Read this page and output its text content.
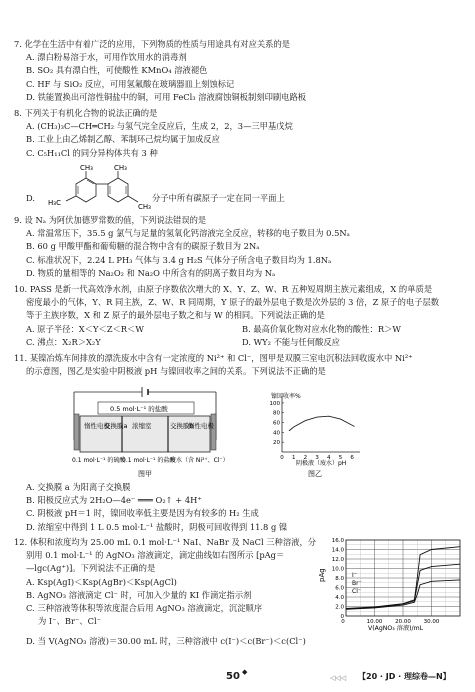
7. 化学在生活中有着广泛的应用，下列物质的性质与用途具有对应关系的是
A. 漂白粉易溶于水，可用作饮用水的消毒剂
B. SO₂ 具有漂白性，可使酸性 KMnO₄ 溶液褪色
C. HF 与 SiO₂ 反应，可用氢氟酸在玻璃器皿上刻蚀标记
D. 铁能置换出可溶性铜盐中的铜，可用 FeCl₃ 溶液腐蚀铜板制刻印刷电路板
8. 下列关于有机化合物的说法正确的是
A. (CH₃)₃C—CH═CH₂ 与氢气完全反应后，生成 2，2，3—三甲基戊烷
B. 工业上由乙烯制乙醇、苯制环己烷均属于加成反应
C. C₅H₁₁Cl 的同分异构体共有 3 种
D.
CH₃	CH₃
H₃C	CH₃
分子中所有碳原子一定在同一平面上
9. 设 Nₐ 为阿伏加德罗常数的值，下列说法错误的是
A. 常温常压下，35.5 g 氯气与足量的氢氧化钙溶液完全反应，转移的电子数目为 0.5Nₐ
B. 60 g 甲酸甲酯和葡萄糖的混合物中含有的碳原子数目为 2Nₐ
C. 标准状况下，2.24 L PH₃ 气体与 3.4 g H₂S 气体分子所含电子数目均为 1.8Nₐ
D. 物质的量相等的 Na₂O₂ 和 Na₂O 中所含有的阴离子数目均为 Nₐ
10. PASS 是新一代高效净水剂，由原子序数依次增大的 X、Y、Z、W、R 五种短周期主族元素组成，X 的单质是
密度最小的气体，Y、R 同主族，Z、W、R 同周期，Y 原子的最外层电子数是次外层的 3 倍，Z 原子的电子层数
等于主族序数，X 和 Z 原子的最外层电子数之和与 W 的相同。下列说法正确的是
A. 原子半径：X＜Y＜Z＜R＜W	B. 最高价氧化物对应水化物的酸性：R＞W
C. 沸点：X₂R＞X₂Y	D. WY₂ 不能与任何酸反应
11. 某镍冶炼车间排放的漂洗废水中含有一定浓度的 Ni²⁺ 和 Cl⁻，图甲是双膜三室电沉积法回收废水中 Ni²⁺
的示意图，图乙是实验中阴极液 pH 与镍回收率之间的关系。下列说法不正确的是
0.5 mol·L⁻¹ 的盐酸
惰性电极
交换膜a 浓缩室	交换膜b
惰性电极
0.1 mol·L⁻¹ 的硫酸
0.1 mol·L⁻¹ 的盐酸
废水（含 Ni²⁺、Cl⁻）
图甲
镍回收率%
20
40
60
80
100
0 1 2 3 4 5 6
阴极液（废水）pH
图乙
A. 交换膜 a 为阳离子交换膜
B. 阳极反应式为 2H₂O—4e⁻ ═══ O₂↑ + 4H⁺
C. 阴极液 pH＝1 时，镍回收率低主要是因为有较多的 H₂ 生成
D. 浓缩室中得到 1 L 0.5 mol·L⁻¹ 盐酸时，阴极可回收得到 11.8 g 镍
12. 体积和浓度均为 25.00 mL 0.1 mol·L⁻¹ NaI、NaBr 及 NaCl 三种溶液，分
别用 0.1 mol·L⁻¹ 的 AgNO₃ 溶液滴定，滴定曲线如右图所示 [pAg＝
—lgc(Ag⁺)]。下列说法不正确的是
A. Ksp(AgI)＜Ksp(AgBr)＜Ksp(AgCl)
B. AgNO₃ 溶液滴定 Cl⁻ 时，可加入少量的 KI 作滴定指示剂
C. 三种溶液等体积等浓度混合后用 AgNO₃ 溶液滴定，沉淀顺序
为 I⁻、Br⁻、Cl⁻
D. 当 V(AgNO₃ 溶液)＝30.00 mL 时，三种溶液中 c(I⁻)＜c(Br⁻)＜c(Cl⁻)
pAg
0
2.0
4.0
6.0
8.0
10.0
12.0
14.0
16.0
0	10.00 20.00 30.00
I⁻
Br⁻
Cl⁻
V(AgNO₃ 溶液)/mL
50 ◆
◁◁◁ 【20 · JD · 理综卷—N】
